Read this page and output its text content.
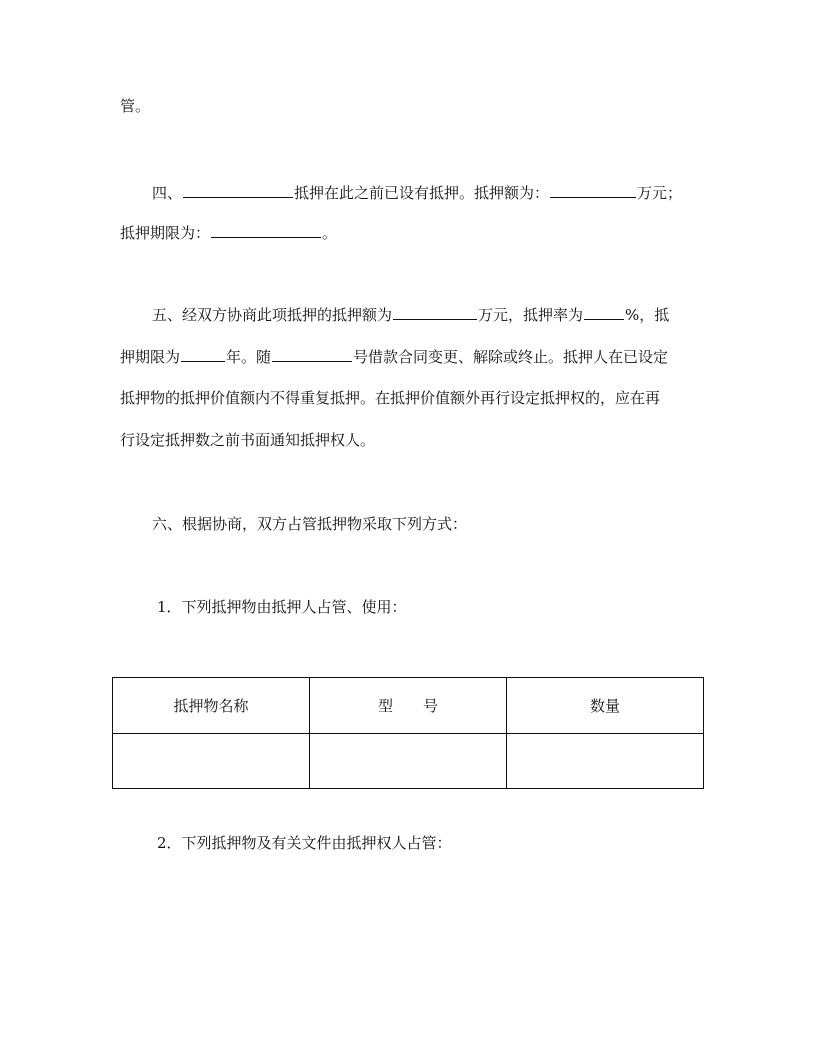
管。
四、	抵押在此之前已设有抵押。抵押额为：	万元；
抵押期限为：	。
五、经双方协商此项抵押的抵押额为	万元，抵押率为	%，抵
押期限为	年。随	号借款合同变更、解除或终止。抵押人在已设定
抵押物的抵押价值额内不得重复抵押。在抵押价值额外再行设定抵押权的，应在再
行设定抵押数之前书面通知抵押权人。
六、根据协商，双方占管抵押物采取下列方式：
1．下列抵押物由抵押人占管、使用：
抵押物名称	型　　号	数量

2．下列抵押物及有关文件由抵押权人占管：
